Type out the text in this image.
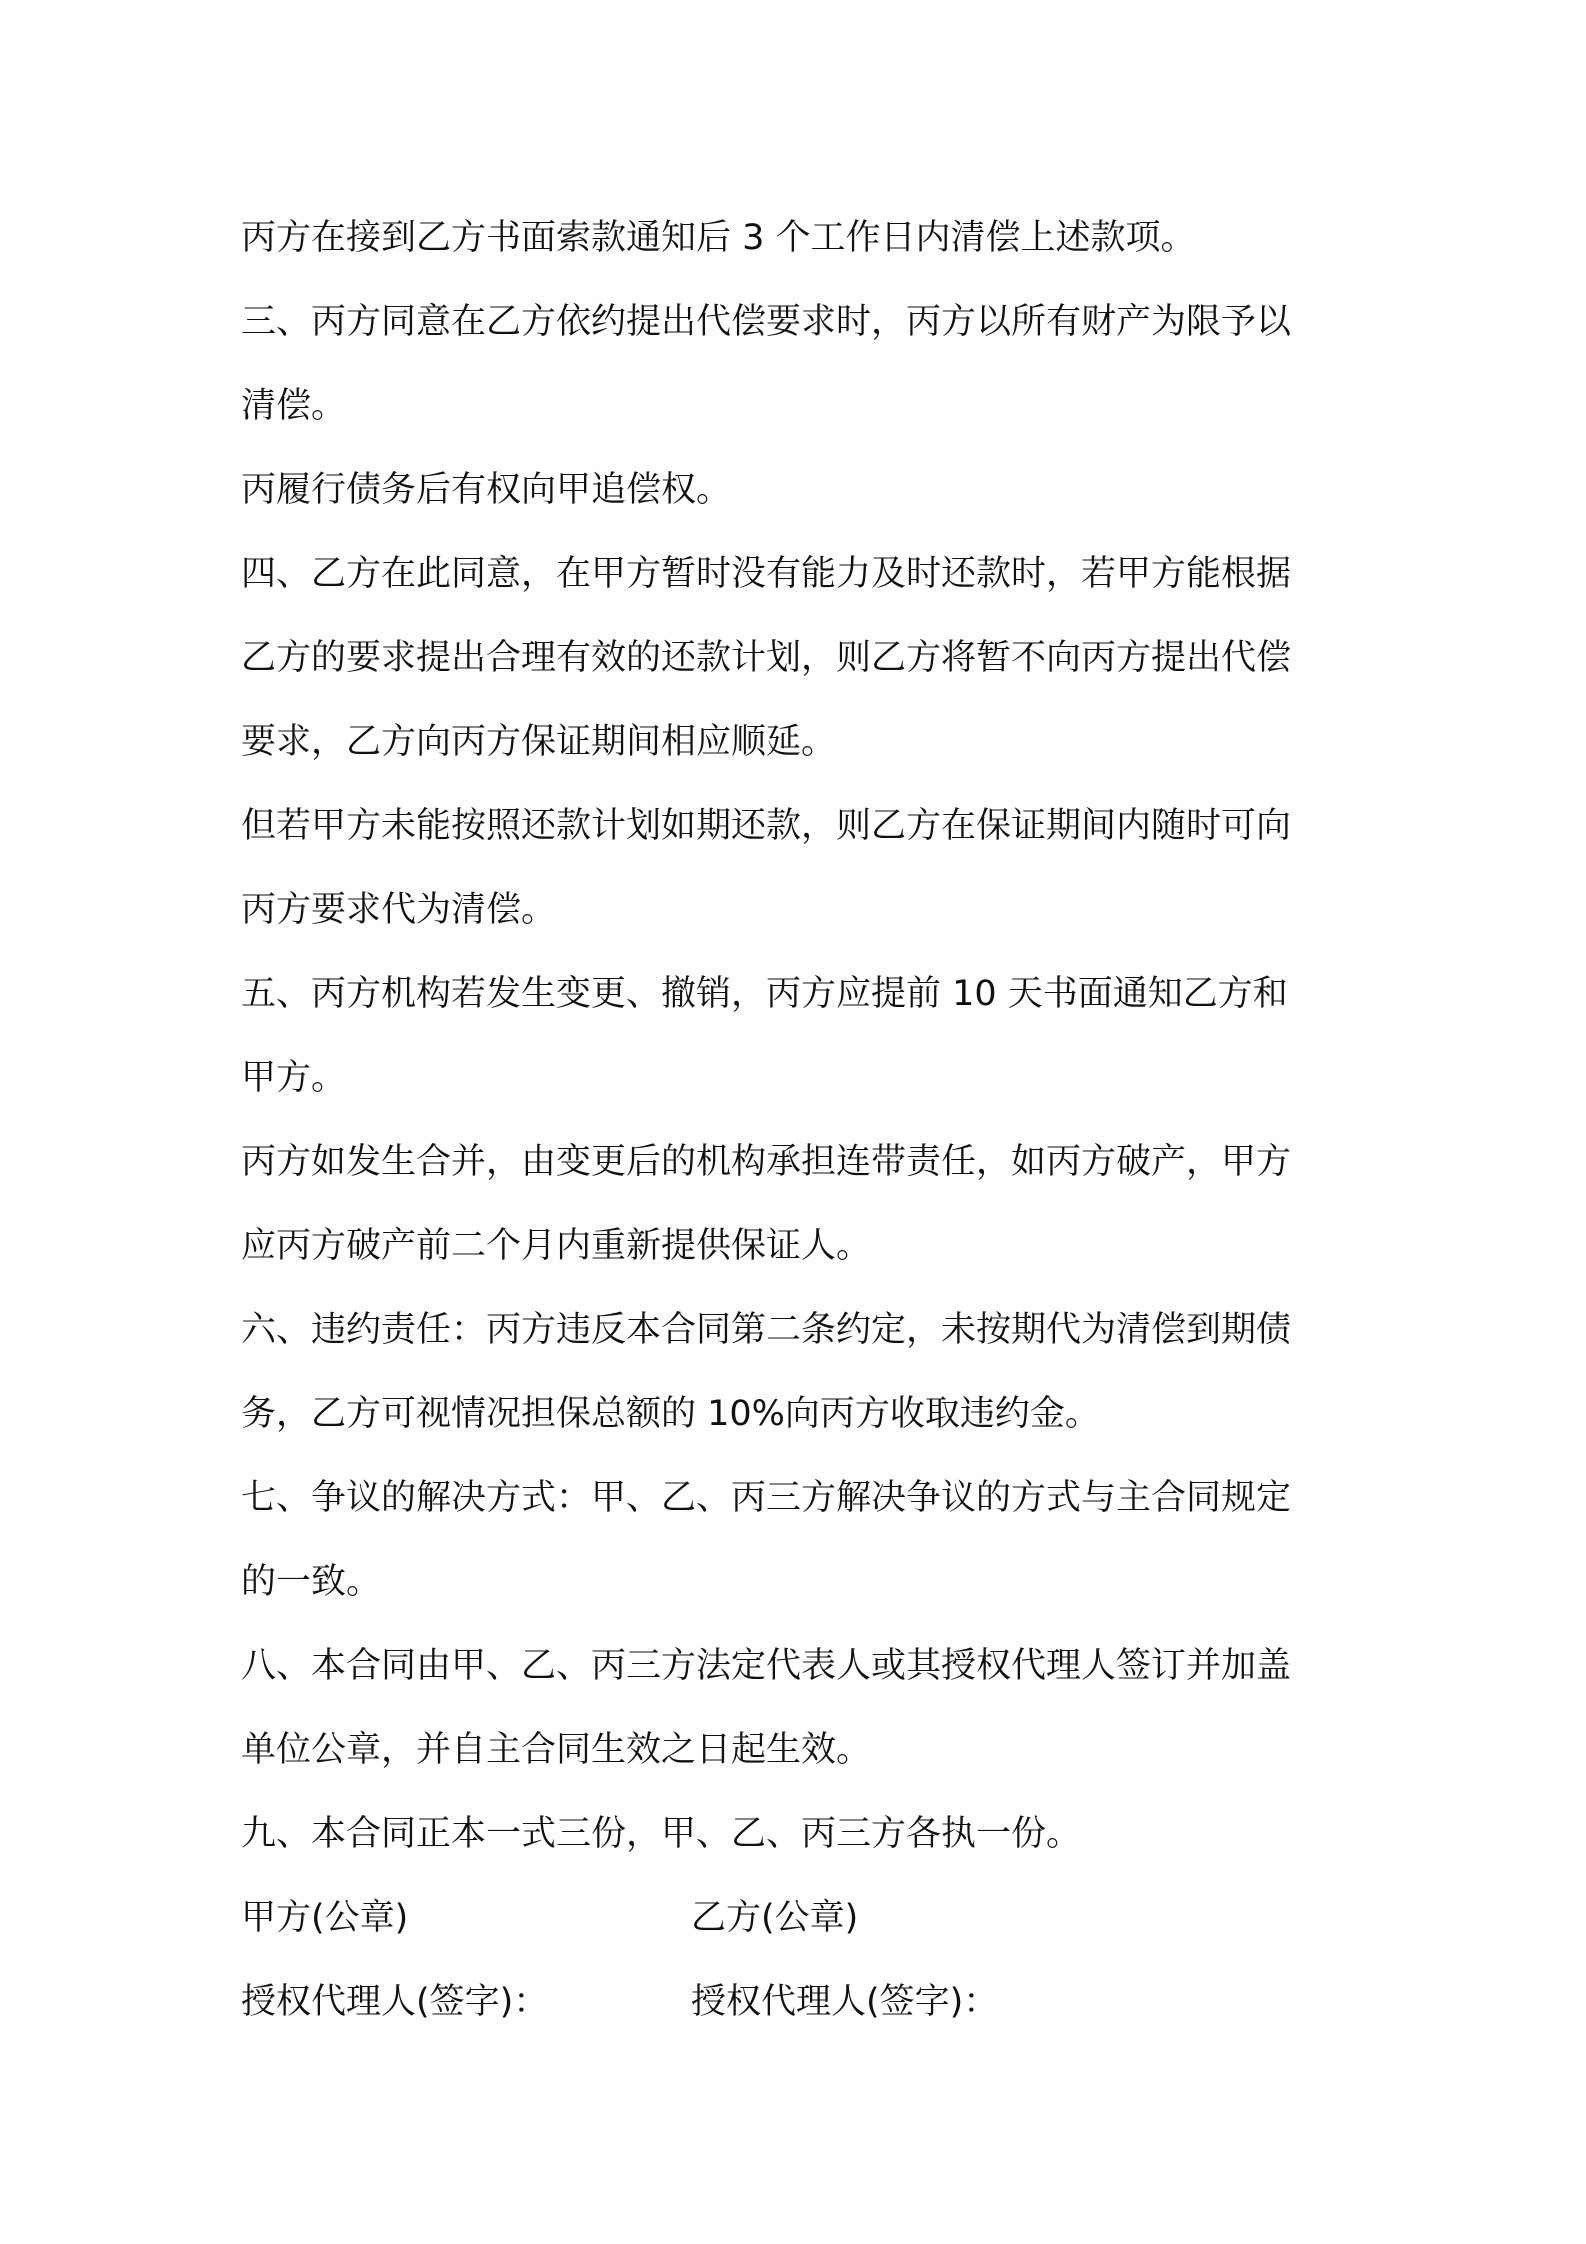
丙方在接到乙方书面索款通知后 3 个工作日内清偿上述款项。
三、丙方同意在乙方依约提出代偿要求时，丙方以所有财产为限予以
清偿。
丙履行债务后有权向甲追偿权。
四、乙方在此同意，在甲方暂时没有能力及时还款时，若甲方能根据
乙方的要求提出合理有效的还款计划，则乙方将暂不向丙方提出代偿
要求，乙方向丙方保证期间相应顺延。
但若甲方未能按照还款计划如期还款，则乙方在保证期间内随时可向
丙方要求代为清偿。
五、丙方机构若发生变更、撤销，丙方应提前 10 天书面通知乙方和
甲方。
丙方如发生合并，由变更后的机构承担连带责任，如丙方破产，甲方
应丙方破产前二个月内重新提供保证人。
六、违约责任：丙方违反本合同第二条约定，未按期代为清偿到期债
务，乙方可视情况担保总额的 10%向丙方收取违约金。
七、争议的解决方式：甲、乙、丙三方解决争议的方式与主合同规定
的一致。
八、本合同由甲、乙、丙三方法定代表人或其授权代理人签订并加盖
单位公章，并自主合同生效之日起生效。
九、本合同正本一式三份，甲、乙、丙三方各执一份。
甲方(公章)	乙方(公章)
授权代理人(签字)：	授权代理人(签字)：
